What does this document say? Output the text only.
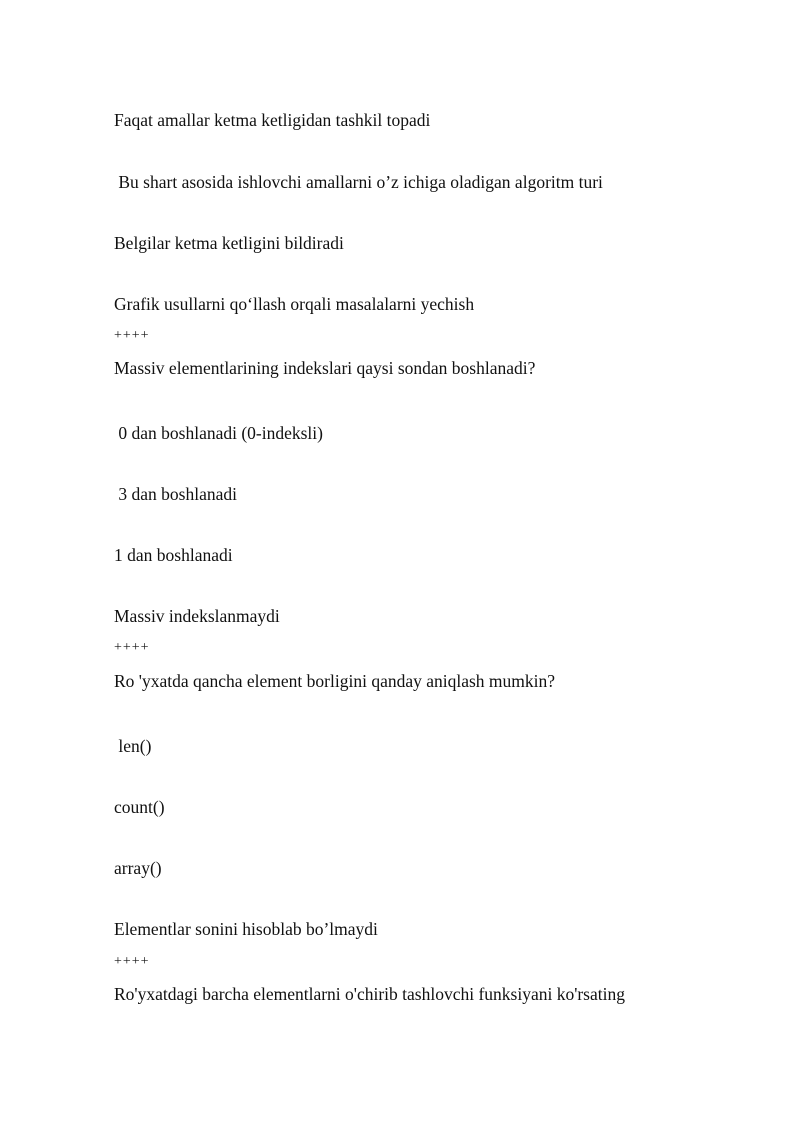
Faqat amallar ketma ketligidan tashkil topadi
Bu shart asosida ishlovchi amallarni o’z ichiga oladigan algoritm turi
Belgilar ketma ketligini bildiradi
Grafik usullarni qo‘llash orqali masalalarni yechish
++++
Massiv elementlarining indekslari qaysi sondan boshlanadi?
0 dan boshlanadi (0-indeksli)
3 dan boshlanadi
1 dan boshlanadi
Massiv indekslanmaydi
++++
Ro 'yxatda qancha element borligini qanday aniqlash mumkin?
len()
count()
array()
Elementlar sonini hisoblab bo’lmaydi
++++
Ro'yxatdagi barcha elementlarni o'chirib tashlovchi funksiyani ko'rsating
